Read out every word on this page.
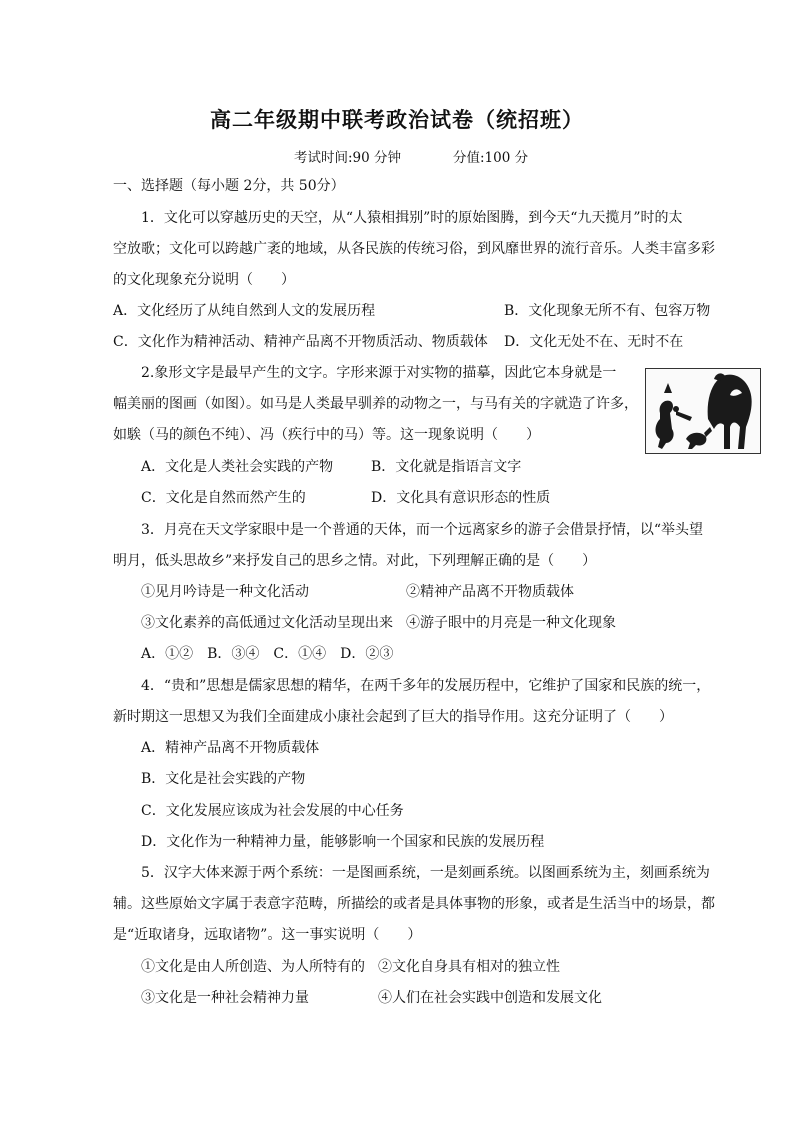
高二年级期中联考政治试卷（统招班）
考试时间:90 分钟	分值:100 分
一、选择题（每小题 2分，共 50分）
1．文化可以穿越历史的天空，从“人猿相揖别”时的原始图腾，到今天“九天揽月”时的太
空放歌；文化可以跨越广袤的地域，从各民族的传统习俗，到风靡世界的流行音乐。人类丰富多彩
的文化现象充分说明（　　）
A．文化经历了从纯自然到人文的发展历程	B．文化现象无所不有、包容万物
C．文化作为精神活动、精神产品离不开物质活动、物质载体 D．文化无处不在、无时不在
2.象形文字是最早产生的文字。字形来源于对实物的描摹，因此它本身就是一
幅美丽的图画（如图）。如马是人类最早驯养的动物之一，与马有关的字就造了许多，
如騃（马的颜色不纯）、冯（疾行中的马）等。这一现象说明（　　）
A．文化是人类社会实践的产物	B．文化就是指语言文字
C．文化是自然而然产生的	D．文化具有意识形态的性质
3．月亮在天文学家眼中是一个普通的天体，而一个远离家乡的游子会借景抒情，以“举头望
明月，低头思故乡”来抒发自己的思乡之情。对此，下列理解正确的是（　　）
①见月吟诗是一种文化活动	②精神产品离不开物质载体
③文化素养的高低通过文化活动呈现出来 ④游子眼中的月亮是一种文化现象
A．①②　B．③④　C．①④　D．②③
4．“贵和”思想是儒家思想的精华，在两千多年的发展历程中，它维护了国家和民族的统一，
新时期这一思想又为我们全面建成小康社会起到了巨大的指导作用。这充分证明了（　　）
A．精神产品离不开物质载体
B．文化是社会实践的产物
C．文化发展应该成为社会发展的中心任务
D．文化作为一种精神力量，能够影响一个国家和民族的发展历程
5．汉字大体来源于两个系统：一是图画系统，一是刻画系统。以图画系统为主，刻画系统为
辅。这些原始文字属于表意字范畴，所描绘的或者是具体事物的形象，或者是生活当中的场景，都
是“近取诸身，远取诸物”。这一事实说明（　　）
①文化是由人所创造、为人所特有的 ②文化自身具有相对的独立性
③文化是一种社会精神力量	④人们在社会实践中创造和发展文化
